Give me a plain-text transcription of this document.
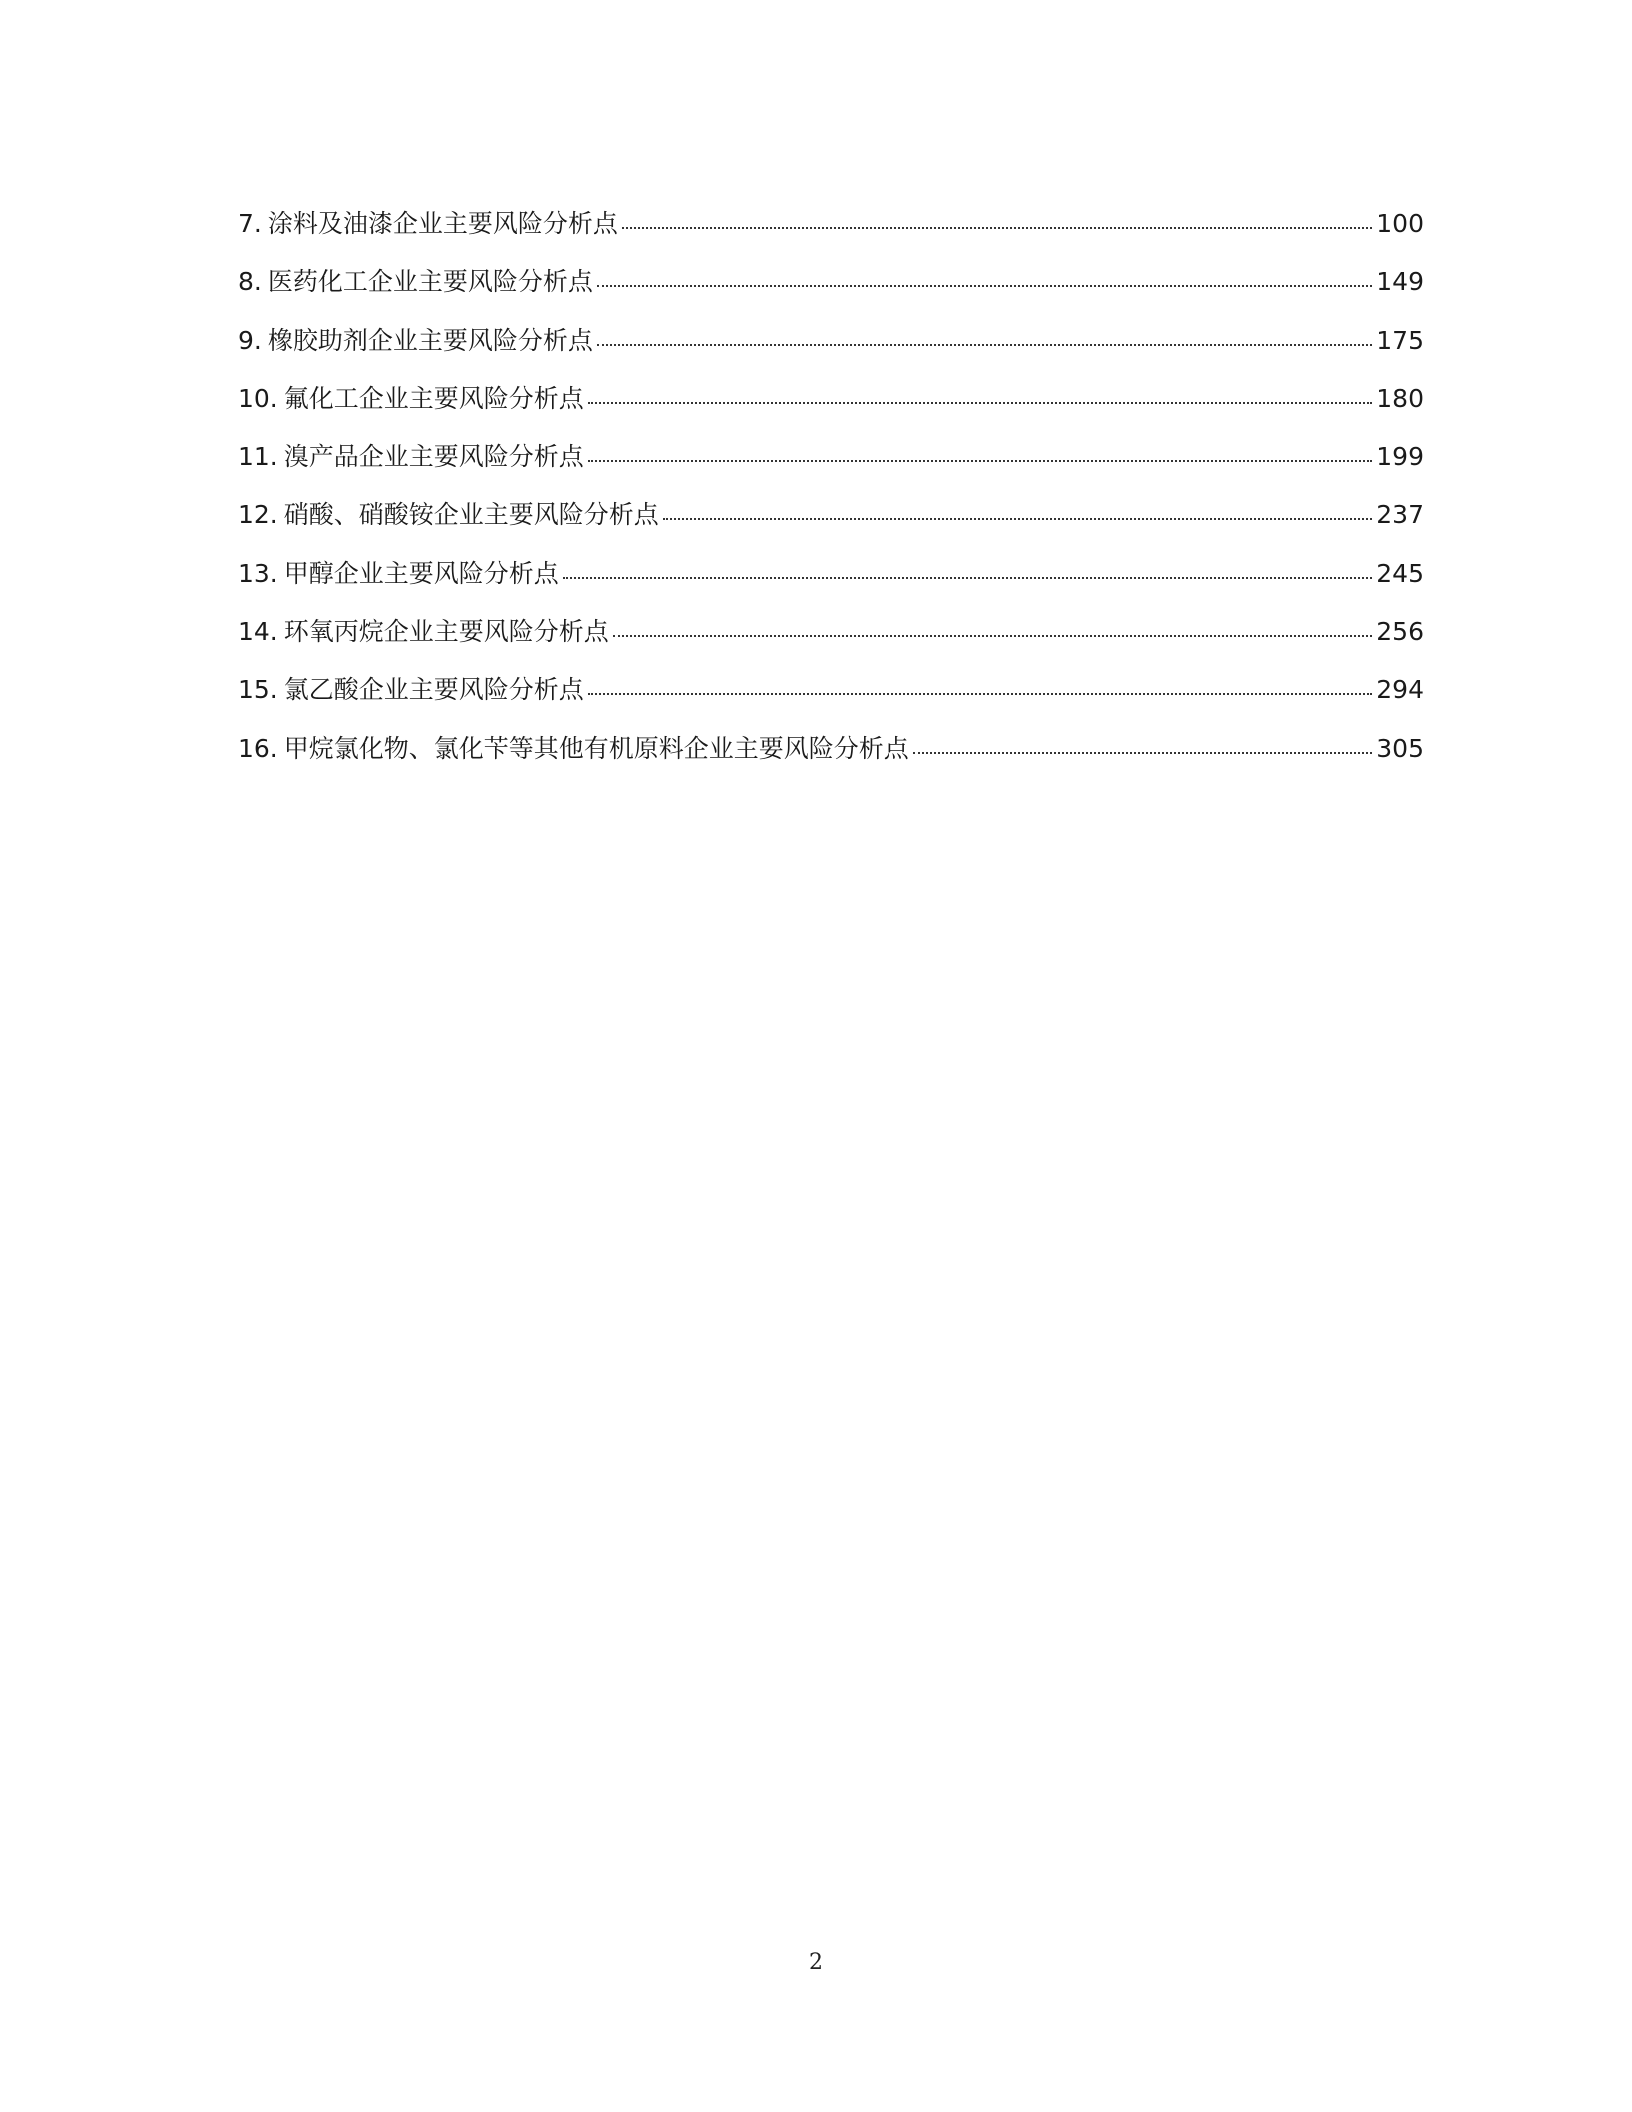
7. 涂料及油漆企业主要风险分析点	100
8. 医药化工企业主要风险分析点	149
9. 橡胶助剂企业主要风险分析点	175
10. 氟化工企业主要风险分析点	180
11. 溴产品企业主要风险分析点	199
12. 硝酸、硝酸铵企业主要风险分析点	237
13. 甲醇企业主要风险分析点	245
14. 环氧丙烷企业主要风险分析点	256
15. 氯乙酸企业主要风险分析点	294
16. 甲烷氯化物、氯化苄等其他有机原料企业主要风险分析点	305
2
